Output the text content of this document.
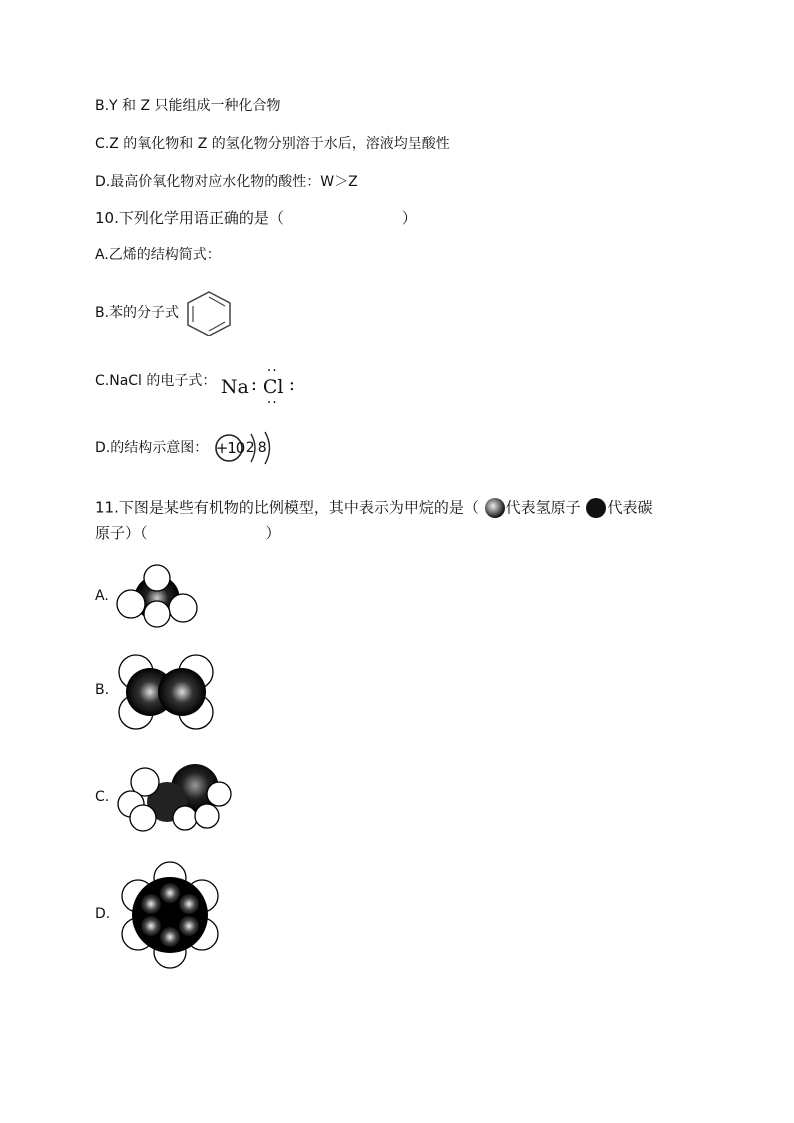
B.Y 和 Z 只能组成一种化合物
C.Z 的氧化物和 Z 的氢化物分别溶于水后，溶液均呈酸性
D.最高价氧化物对应水化物的酸性：W＞Z
10.下列化学用语正确的是（	）
A.乙烯的结构简式：
B.苯的分子式
C.NaCl 的电子式： Na : Cl
··
··
:
D.的结构示意图： +10 2 8
11.下图是某些有机物的比例模型，其中表示为甲烷的是（ 代表氢原子 代表碳
原子）（	）
A.
B.
C.
D.
